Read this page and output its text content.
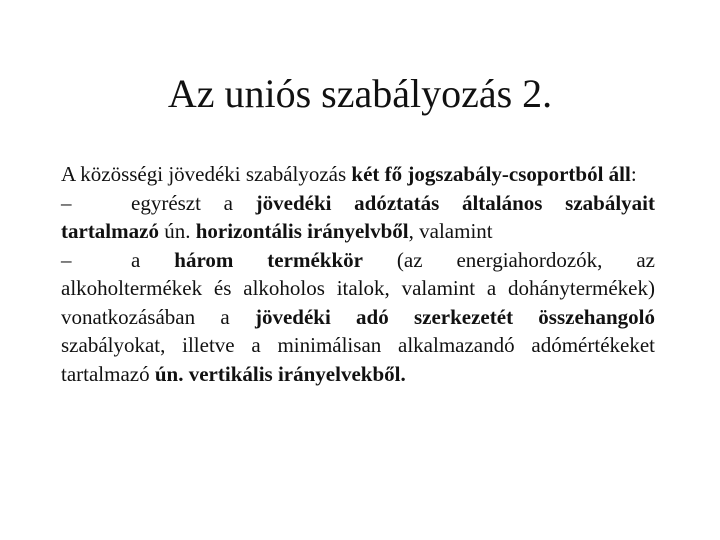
Az uniós szabályozás 2.

A közösségi jövedéki szabályozás két fő jogszabály-csoportból áll:

–	egyrészt a jövedéki adóztatás általános szabályait tartalmazó ún. horizontális irányelvből, valamint

–	a három termékkör (az energiahordozók, az alkoholtermékek és alkoholos italok, valamint a dohánytermékek) vonatkozásában a jövedéki adó szerkezetét összehangoló szabályokat, illetve a minimálisan alkalmazandó adómértékeket tartalmazó ún. vertikális irányelvekből.
